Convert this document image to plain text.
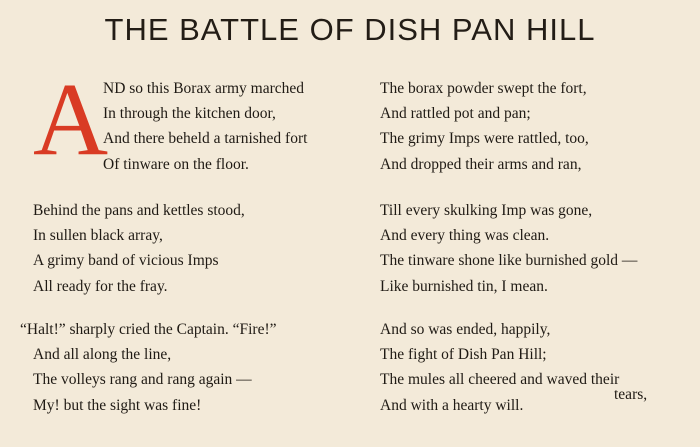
THE BATTLE OF DISH PAN HILL
A
ND so this Borax army marched
In through the kitchen door,
And there beheld a tarnished fort
Of tinware on the floor.
Behind the pans and kettles stood,
In sullen black array,
A grimy band of vicious Imps
All ready for the fray.
“Halt!” sharply cried the Captain. “Fire!”
And all along the line,
The volleys rang and rang again —
My! but the sight was fine!
The borax powder swept the fort,
And rattled pot and pan;
The grimy Imps were rattled, too,
And dropped their arms and ran,
Till every skulking Imp was gone,
And every thing was clean.
The tinware shone like burnished gold —
Like burnished tin, I mean.
And so was ended, happily,
The fight of Dish Pan Hill;
The mules all cheered and waved their
And with a hearty will.
tears,
